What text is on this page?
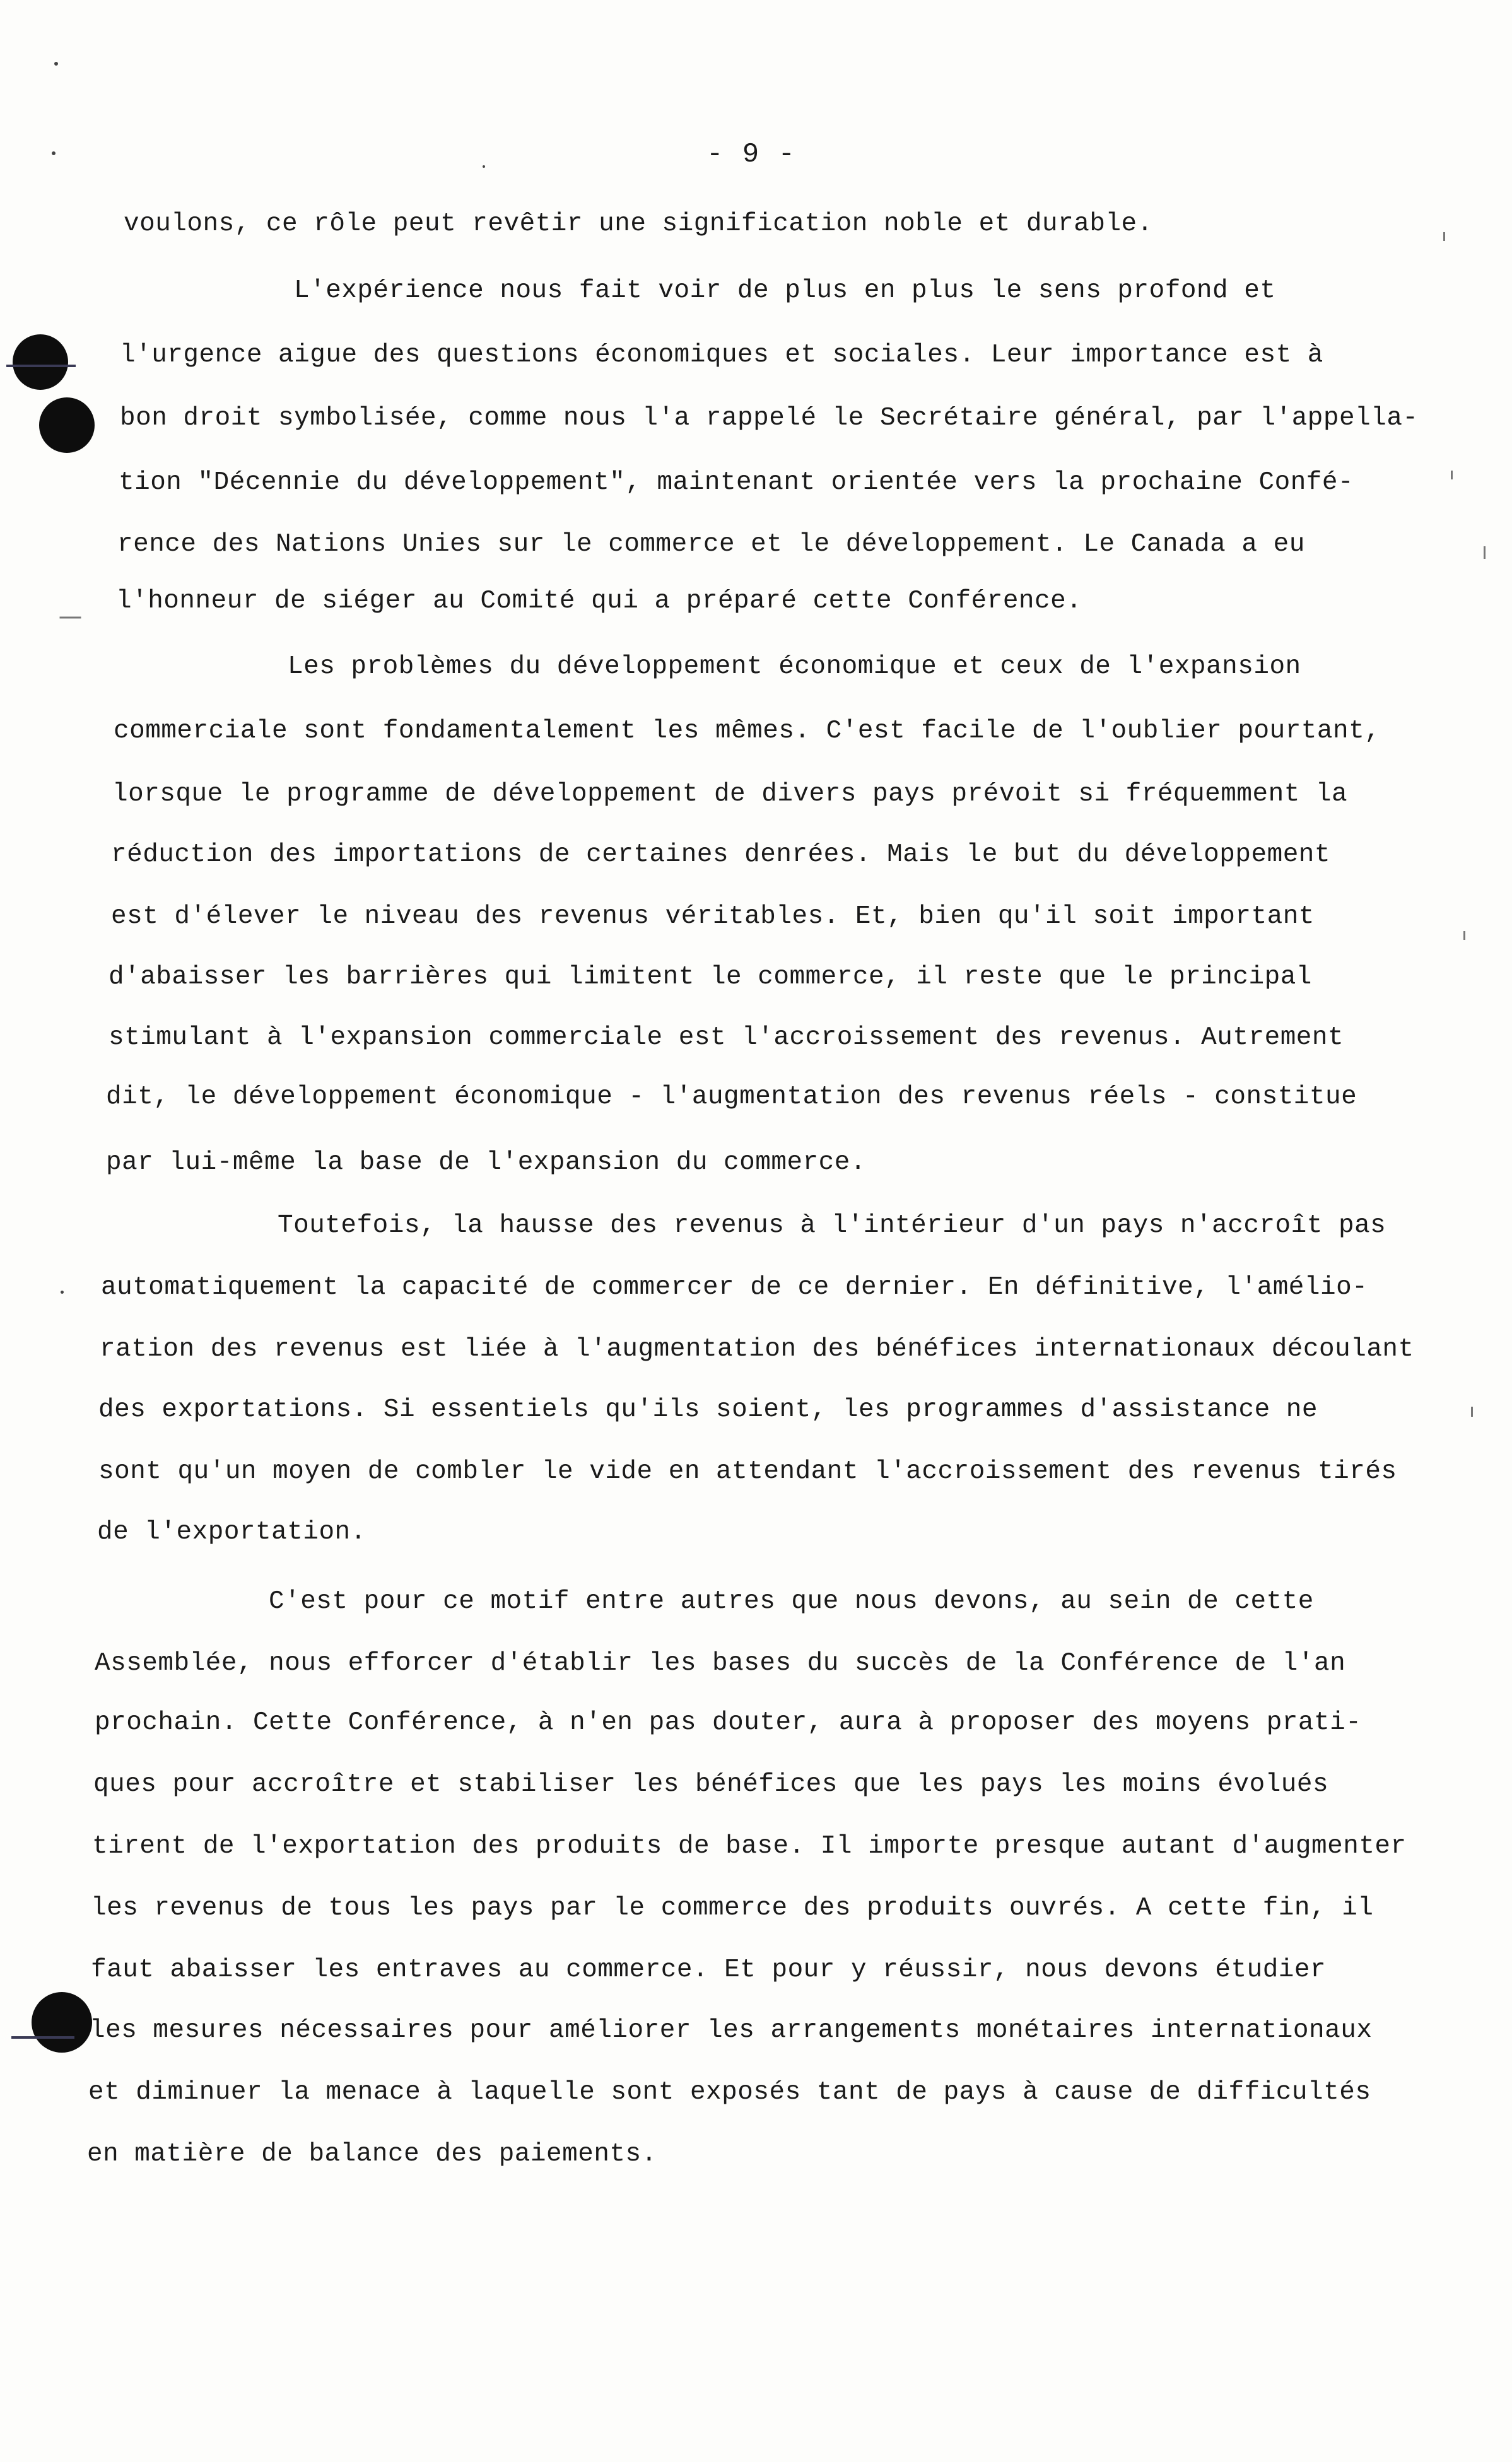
- 9 -
voulons, ce rôle peut revêtir une signification noble et durable.
L'expérience nous fait voir de plus en plus le sens profond et
l'urgence aigue des questions économiques et sociales. Leur importance est à
bon droit symbolisée, comme nous l'a rappelé le Secrétaire général, par l'appella-
tion "Décennie du développement", maintenant orientée vers la prochaine Confé-
rence des Nations Unies sur le commerce et le développement. Le Canada a eu
l'honneur de siéger au Comité qui a préparé cette Conférence.
Les problèmes du développement économique et ceux de l'expansion
commerciale sont fondamentalement les mêmes. C'est facile de l'oublier pourtant,
lorsque le programme de développement de divers pays prévoit si fréquemment la
réduction des importations de certaines denrées. Mais le but du développement
est d'élever le niveau des revenus véritables. Et, bien qu'il soit important
d'abaisser les barrières qui limitent le commerce, il reste que le principal
stimulant à l'expansion commerciale est l'accroissement des revenus. Autrement
dit, le développement économique - l'augmentation des revenus réels - constitue
par lui-même la base de l'expansion du commerce.
Toutefois, la hausse des revenus à l'intérieur d'un pays n'accroît pas
automatiquement la capacité de commercer de ce dernier. En définitive, l'amélio-
ration des revenus est liée à l'augmentation des bénéfices internationaux découlant
des exportations. Si essentiels qu'ils soient, les programmes d'assistance ne
sont qu'un moyen de combler le vide en attendant l'accroissement des revenus tirés
de l'exportation.
C'est pour ce motif entre autres que nous devons, au sein de cette
Assemblée, nous efforcer d'établir les bases du succès de la Conférence de l'an
prochain. Cette Conférence, à n'en pas douter, aura à proposer des moyens prati-
ques pour accroître et stabiliser les bénéfices que les pays les moins évolués
tirent de l'exportation des produits de base. Il importe presque autant d'augmenter
les revenus de tous les pays par le commerce des produits ouvrés. A cette fin, il
faut abaisser les entraves au commerce. Et pour y réussir, nous devons étudier
les mesures nécessaires pour améliorer les arrangements monétaires internationaux
et diminuer la menace à laquelle sont exposés tant de pays à cause de difficultés
en matière de balance des paiements.
